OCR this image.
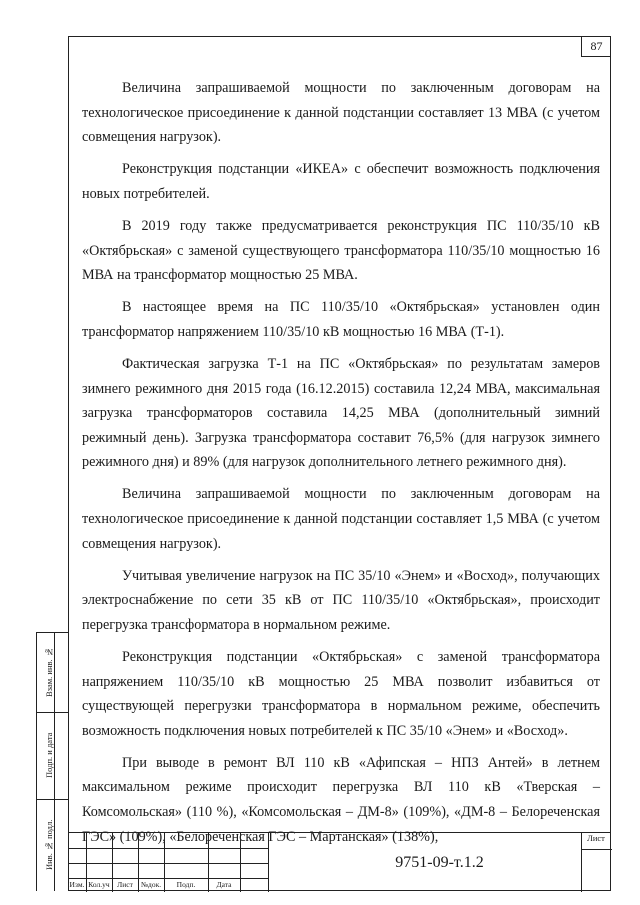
87

Величина запрашиваемой мощности по заключенным договорам на технологическое присоединение к данной подстанции составляет 13 МВА (с учетом совмещения нагрузок).

Реконструкция подстанции «ИКЕА» с обеспечит возможность подключения новых потребителей.

В 2019 году также предусматривается реконструкция ПС 110/35/10 кВ «Октябрьская» с заменой существующего трансформатора 110/35/10 мощностью 16 МВА на трансформатор мощностью 25 МВА.

В настоящее время на ПС 110/35/10 «Октябрьская» установлен один трансформатор напряжением 110/35/10 кВ мощностью 16 МВА (Т-1).

Фактическая загрузка Т-1 на ПС «Октябрьская» по результатам замеров зимнего режимного дня 2015 года (16.12.2015) составила 12,24 МВА, максимальная загрузка трансформаторов составила 14,25 МВА (дополнительный зимний режимный день). Загрузка трансформатора составит 76,5% (для нагрузок зимнего режимного дня) и 89% (для нагрузок дополнительного летнего режимного дня).

Величина запрашиваемой мощности по заключенным договорам на технологическое присоединение к данной подстанции составляет 1,5 МВА (с учетом совмещения нагрузок).

Учитывая увеличение нагрузок на ПС 35/10 «Энем» и «Восход», получающих электроснабжение по сети 35 кВ от ПС 110/35/10 «Октябрьская», происходит перегрузка трансформатора в нормальном режиме.

Реконструкция подстанции «Октябрьская» с заменой трансформатора напряжением 110/35/10 кВ мощностью 25 МВА позволит избавиться от существующей перегрузки трансформатора в нормальном режиме, обеспечить возможность подключения новых потребителей к ПС 35/10 «Энем» и «Восход».

При выводе в ремонт ВЛ 110 кВ «Афипская – НПЗ Антей» в летнем максимальном режиме происходит перегрузка ВЛ 110 кВ «Тверская – Комсомольская» (110 %), «Комсомольская – ДМ-8» (109%), «ДМ-8 – Белореченская ГЭС» (109%), «Белореченская ГЭС – Мартанская» (138%),

Взам. инв. №
Подп. и дата
Инв. № подл.
Изм. Кол.уч Лист	№док.	Подп.	Дата
9751-09-т.1.2
Лист
